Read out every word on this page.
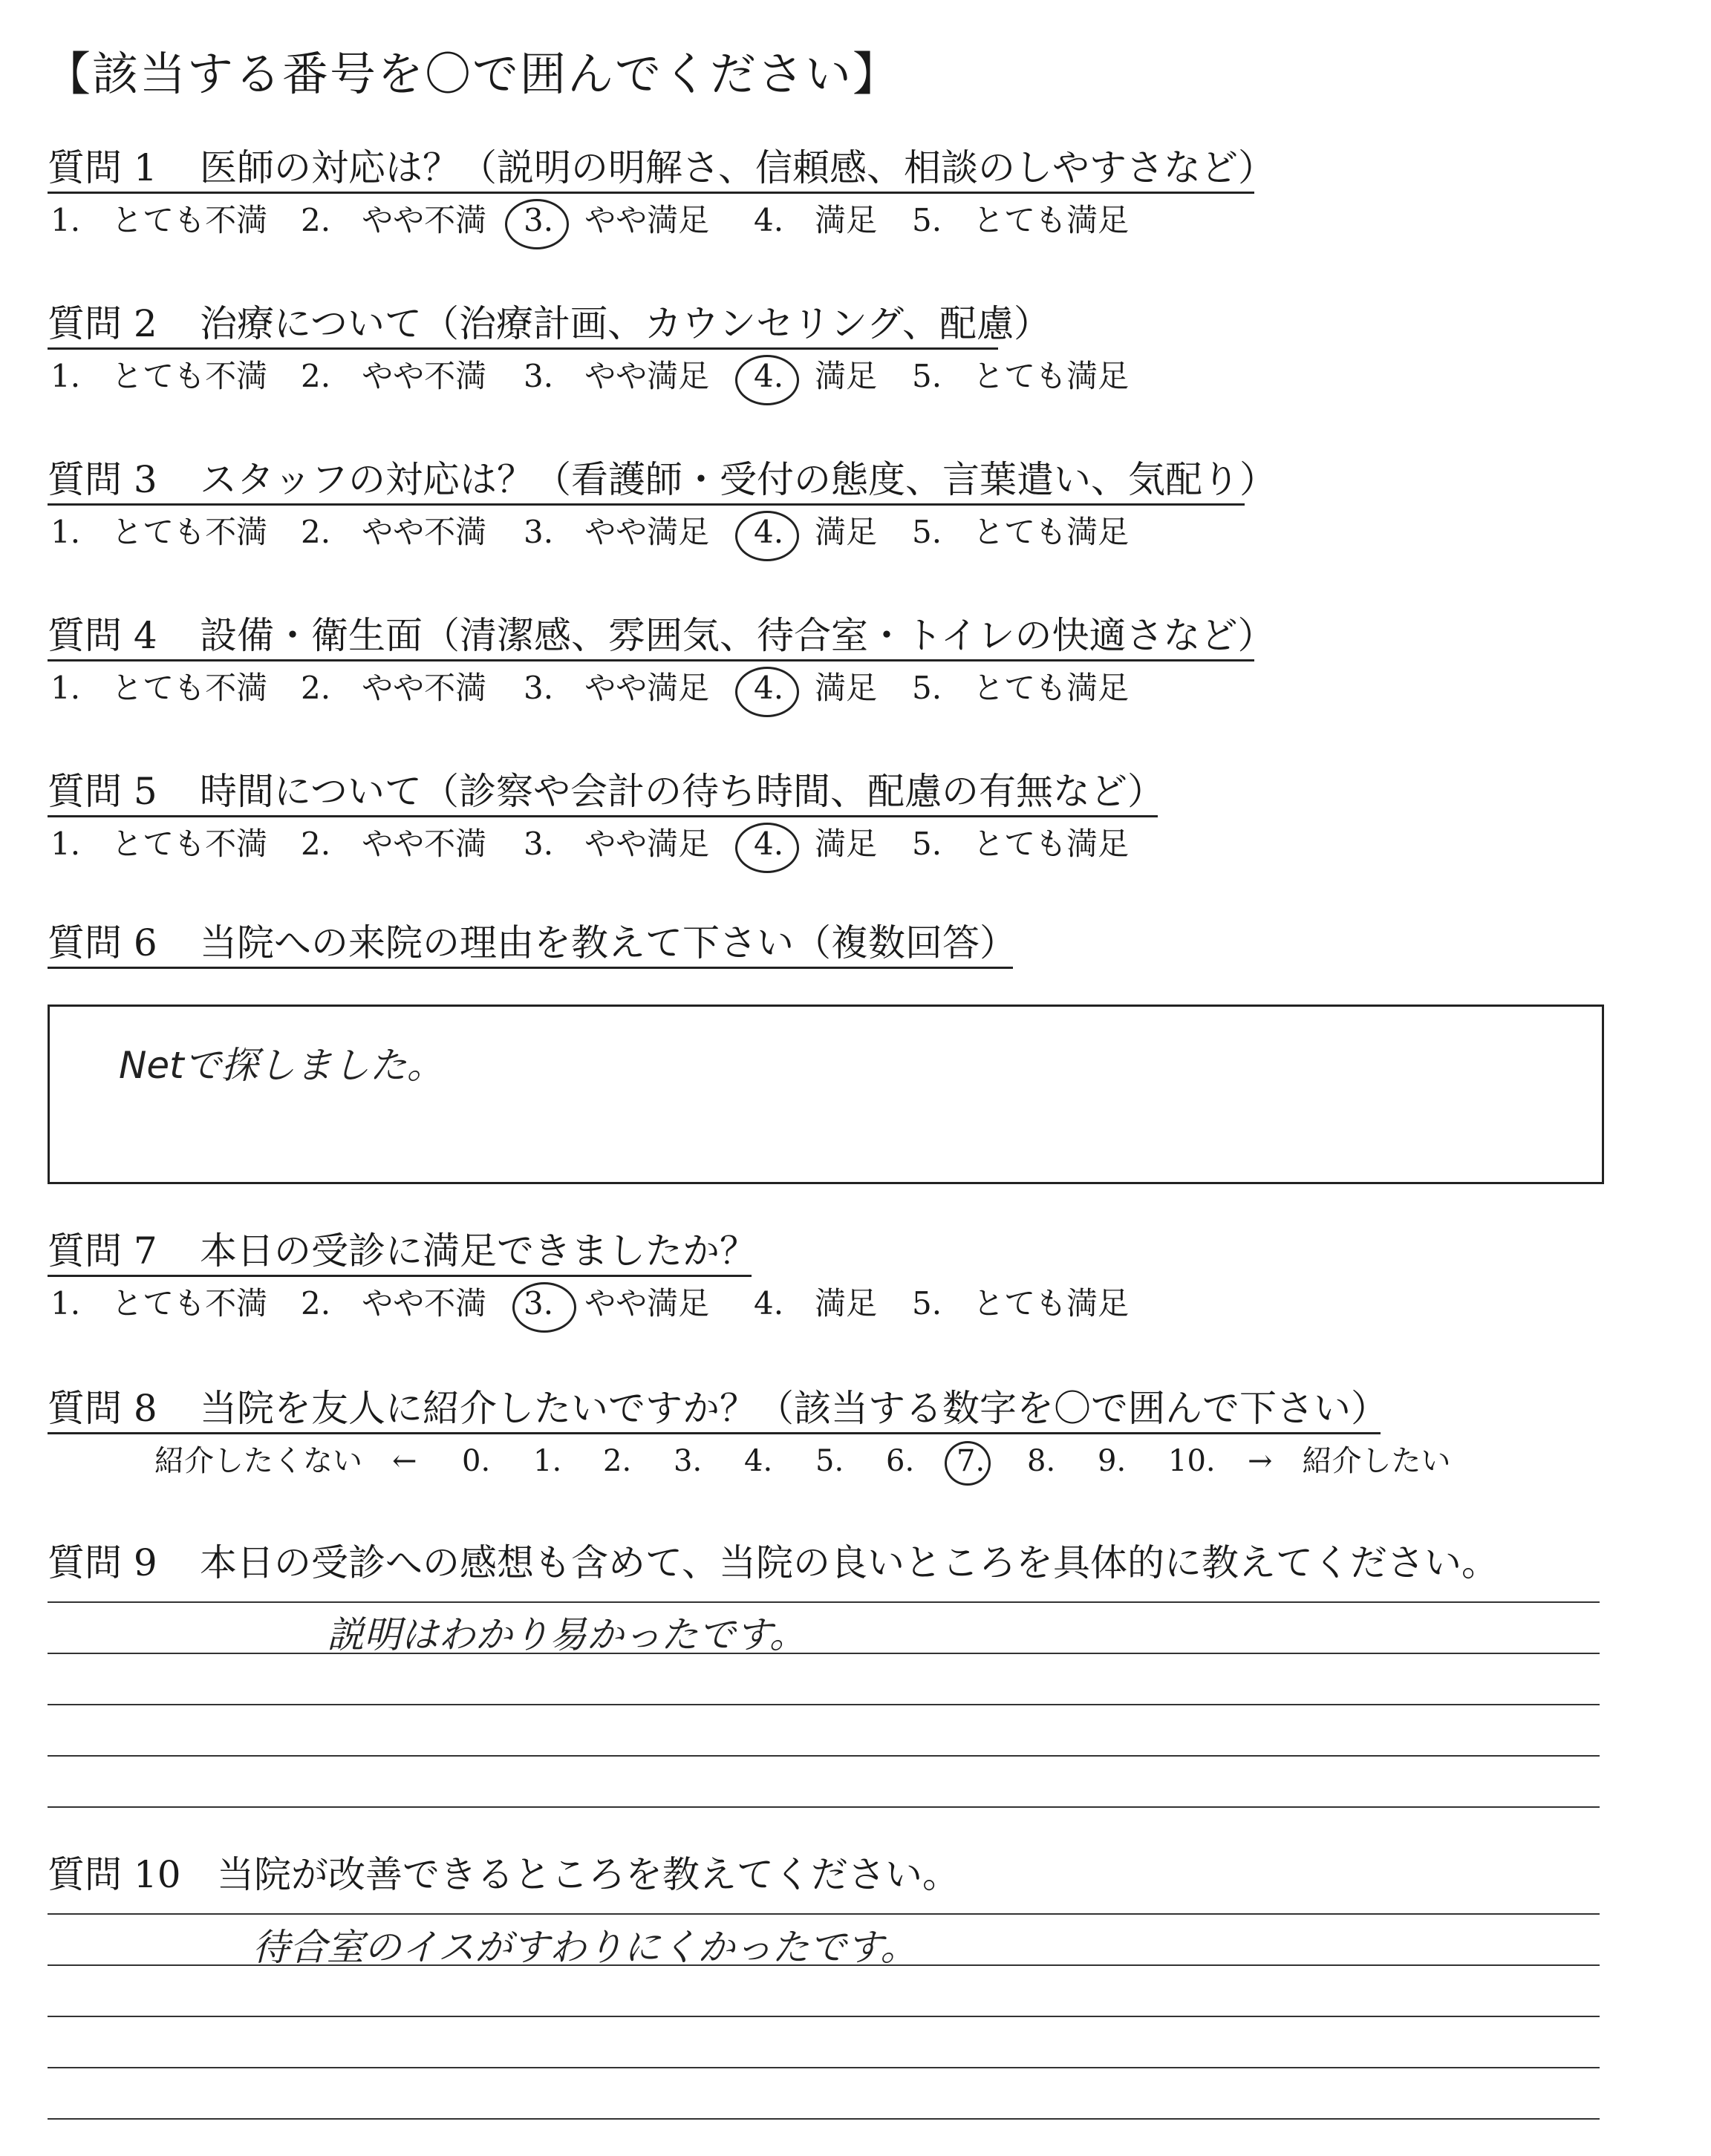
【該当する番号を〇で囲んでください】
質問 1 医師の対応は？（説明の明解さ、信頼感、相談のしやすさなど）
1.　とても不満 2.　やや不満 3.　やや満足 4.　満足 5.　とても満足
質問 2 治療について（治療計画、カウンセリング、配慮）
1.　とても不満 2.　やや不満 3.　やや満足 4.　満足 5.　とても満足
質問 3 スタッフの対応は？（看護師・受付の態度、言葉遣い、気配り）
1.　とても不満 2.　やや不満 3.　やや満足 4.　満足 5.　とても満足
質問 4 設備・衛生面（清潔感、雰囲気、待合室・トイレの快適さなど）
1.　とても不満 2.　やや不満 3.　やや満足 4.　満足 5.　とても満足
質問 5 時間について（診察や会計の待ち時間、配慮の有無など）
1.　とても不満 2.　やや不満 3.　やや満足 4.　満足 5.　とても満足
質問 6 当院への来院の理由を教えて下さい（複数回答）
Netで探しました。
質問 7 本日の受診に満足できましたか？
1.　とても不満 2.　やや不満 3.　やや満足 4.　満足 5.　とても満足
質問 8 当院を友人に紹介したいですか？（該当する数字を〇で囲んで下さい）
紹介したくない　← 0. 1. 2. 3. 4. 5. 6. 7. 8. 9. 10. →　紹介したい
質問 9 本日の受診への感想も含めて、当院の良いところを具体的に教えてください。
説明はわかり易かったです。
質問 10 当院が改善できるところを教えてください。
待合室のイスがすわりにくかったです。
